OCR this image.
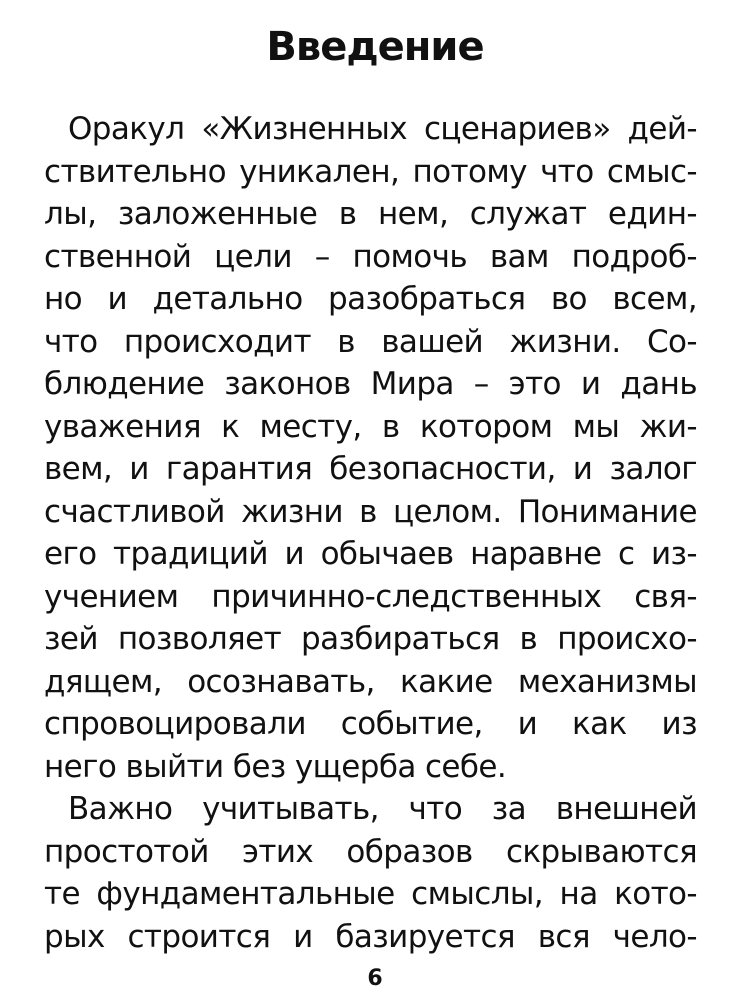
Введение
Оракул «Жизненных сценариев» дей-
ствительно уникален, потому что смыс-
лы, заложенные в нем, служат един-
ственной цели – помочь вам подроб-
но и детально разобраться во всем,
что происходит в вашей жизни. Со-
блюдение законов Мира – это и дань
уважения к месту, в котором мы жи-
вем, и гарантия безопасности, и залог
счастливой жизни в целом. Понимание
его традиций и обычаев наравне с из-
учением причинно-следственных свя-
зей позволяет разбираться в происхо-
дящем, осознавать, какие механизмы
спровоцировали событие, и как из
него выйти без ущерба себе.
Важно учитывать, что за внешней
простотой этих образов скрываются
те фундаментальные смыслы, на кото-
рых строится и базируется вся чело-
6
